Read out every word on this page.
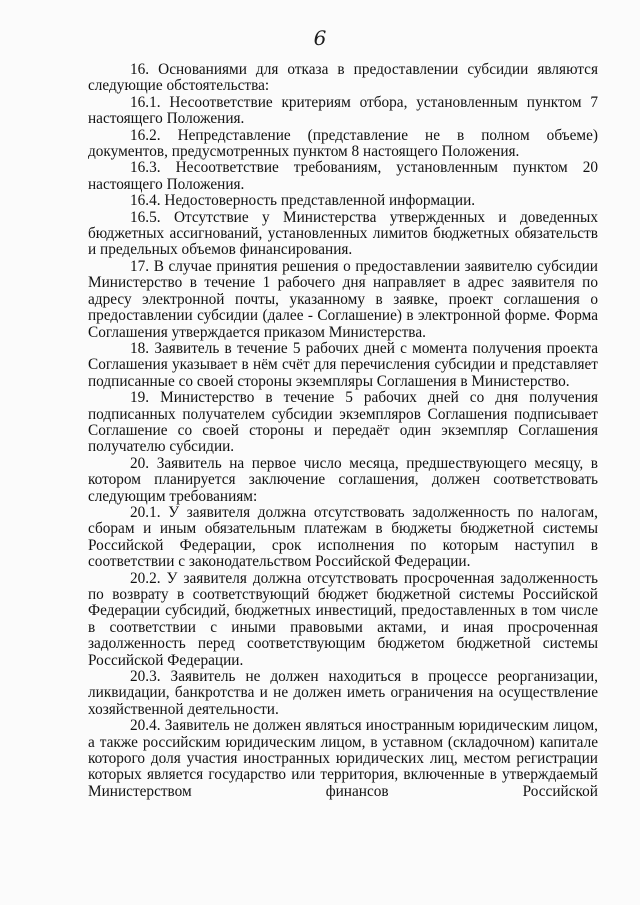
6

16. Основаниями для отказа в предоставлении субсидии являются следующие обстоятельства:

16.1. Несоответствие критериям отбора, установленным пунктом 7 настоящего Положения.

16.2. Непредставление (представление не в полном объеме) документов, предусмотренных пунктом 8 настоящего Положения.

16.3. Несоответствие требованиям, установленным пунктом 20 настоящего Положения.

16.4. Недостоверность представленной информации.

16.5. Отсутствие у Министерства утвержденных и доведенных бюджетных ассигнований, установленных лимитов бюджетных обязательств и предельных объемов финансирования.

17. В случае принятия решения о предоставлении заявителю субсидии Министерство в течение 1 рабочего дня направляет в адрес заявителя по адресу электронной почты, указанному в заявке, проект соглашения о предоставлении субсидии (далее - Соглашение) в электронной форме. Форма Соглашения утверждается приказом Министерства.

18. Заявитель в течение 5 рабочих дней с момента получения проекта Соглашения указывает в нём счёт для перечисления субсидии и представляет подписанные со своей стороны экземпляры Соглашения в Министерство.

19. Министерство в течение 5 рабочих дней со дня получения подписанных получателем субсидии экземпляров Соглашения подписывает Соглашение со своей стороны и передаёт один экземпляр Соглашения получателю субсидии.

20. Заявитель на первое число месяца, предшествующего месяцу, в котором планируется заключение соглашения, должен соответствовать следующим требованиям:

20.1. У заявителя должна отсутствовать задолженность по налогам, сборам и иным обязательным платежам в бюджеты бюджетной системы Российской Федерации, срок исполнения по которым наступил в соответствии с законодательством Российской Федерации.

20.2. У заявителя должна отсутствовать просроченная задолженность по возврату в соответствующий бюджет бюджетной системы Российской Федерации субсидий, бюджетных инвестиций, предоставленных в том числе в соответствии с иными правовыми актами, и иная просроченная задолженность перед соответствующим бюджетом бюджетной системы Российской Федерации.

20.3. Заявитель не должен находиться в процессе реорганизации, ликвидации, банкротства и не должен иметь ограничения на осуществление хозяйственной деятельности.

20.4. Заявитель не должен являться иностранным юридическим лицом, а также российским юридическим лицом, в уставном (складочном) капитале которого доля участия иностранных юридических лиц, местом регистрации которых является государство или территория, включенные в утверждаемый Министерством финансов Российской
